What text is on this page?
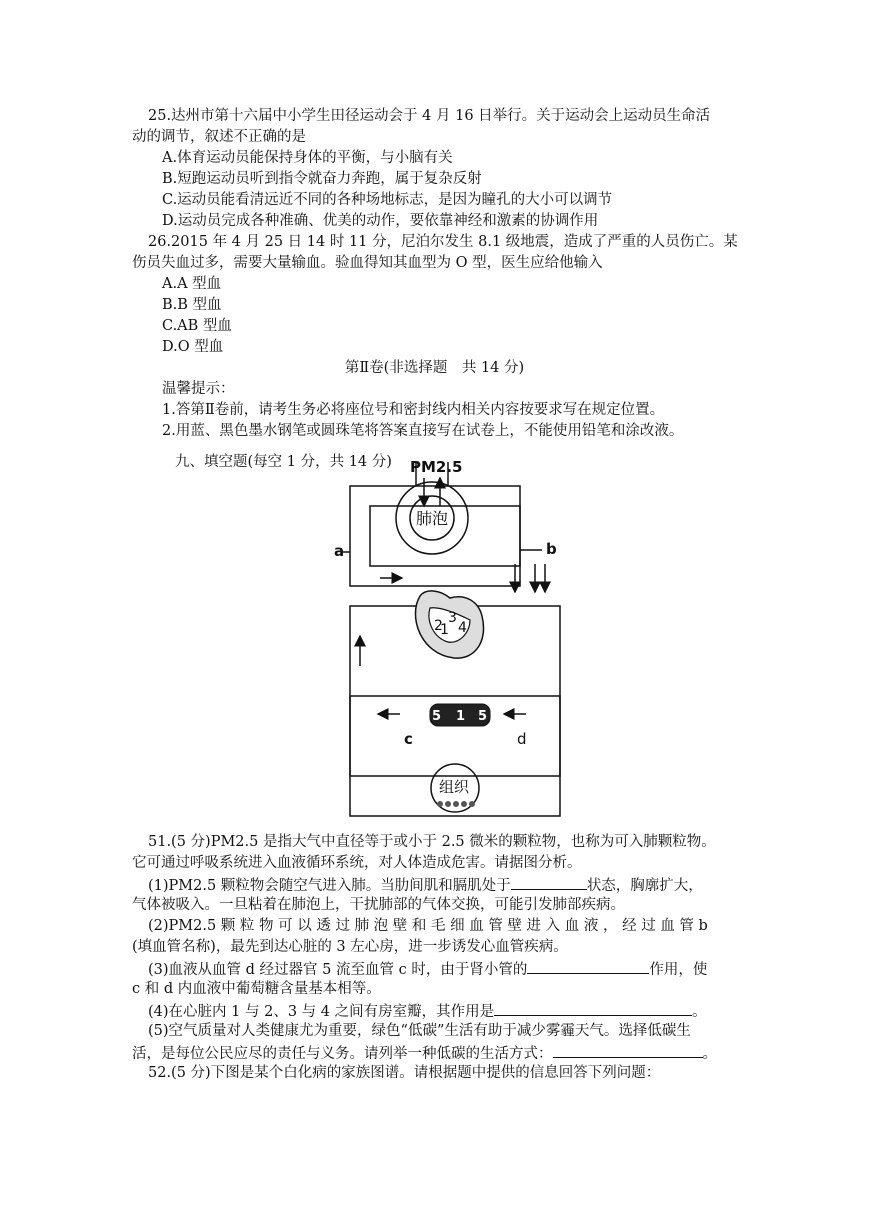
25.达州市第十六届中小学生田径运动会于 4 月 16 日举行。关于运动会上运动员生命活
动的调节，叙述不正确的是
A.体育运动员能保持身体的平衡，与小脑有关
B.短跑运动员听到指令就奋力奔跑，属于复杂反射
C.运动员能看清远近不同的各种场地标志，是因为瞳孔的大小可以调节
D.运动员完成各种准确、优美的动作，要依靠神经和激素的协调作用
26.2015 年 4 月 25 日 14 时 11 分，尼泊尔发生 8.1 级地震，造成了严重的人员伤亡。某
伤员失血过多，需要大量输血。验血得知其血型为 O 型，医生应给他输入
A.A 型血
B.B 型血
C.AB 型血
D.O 型血
第Ⅱ卷(非选择题　共 14 分)
温馨提示：
1.答第Ⅱ卷前，请考生务必将座位号和密封线内相关内容按要求写在规定位置。
2.用蓝、黑色墨水钢笔或圆珠笔将答案直接写在试卷上，不能使用铅笔和涂改液。
九、填空题(每空 1 分，共 14 分) PM2.5
肺泡
a	b
3
1
2 4
5 1 5
c	d
组织
51.(5 分)PM2.5 是指大气中直径等于或小于 2.5 微米的颗粒物，也称为可入肺颗粒物。
它可通过呼吸系统进入血液循环系统，对人体造成危害。请据图分析。
(1)PM2.5 颗粒物会随空气进入肺。当肋间肌和膈肌处于	状态，胸廓扩大，
气体被吸入。一旦粘着在肺泡上，干扰肺部的气体交换，可能引发肺部疾病。
(2)PM2.5 颗 粒 物 可 以 透 过 肺 泡 壁 和 毛 细 血 管 壁 进 入 血 液 ， 经 过 血 管 b
(填血管名称)，最先到达心脏的 3 左心房，进一步诱发心血管疾病。
(3)血液从血管 d 经过器官 5 流至血管 c 时，由于肾小管的	作用，使
c 和 d 内血液中葡萄糖含量基本相等。
(4)在心脏内 1 与 2、3 与 4 之间有房室瓣，其作用是	。
(5)空气质量对人类健康尤为重要，绿色“低碳”生活有助于减少雾霾天气。选择低碳生
活，是每位公民应尽的责任与义务。请列举一种低碳的生活方式：	。
52.(5 分)下图是某个白化病的家族图谱。请根据题中提供的信息回答下列问题：
